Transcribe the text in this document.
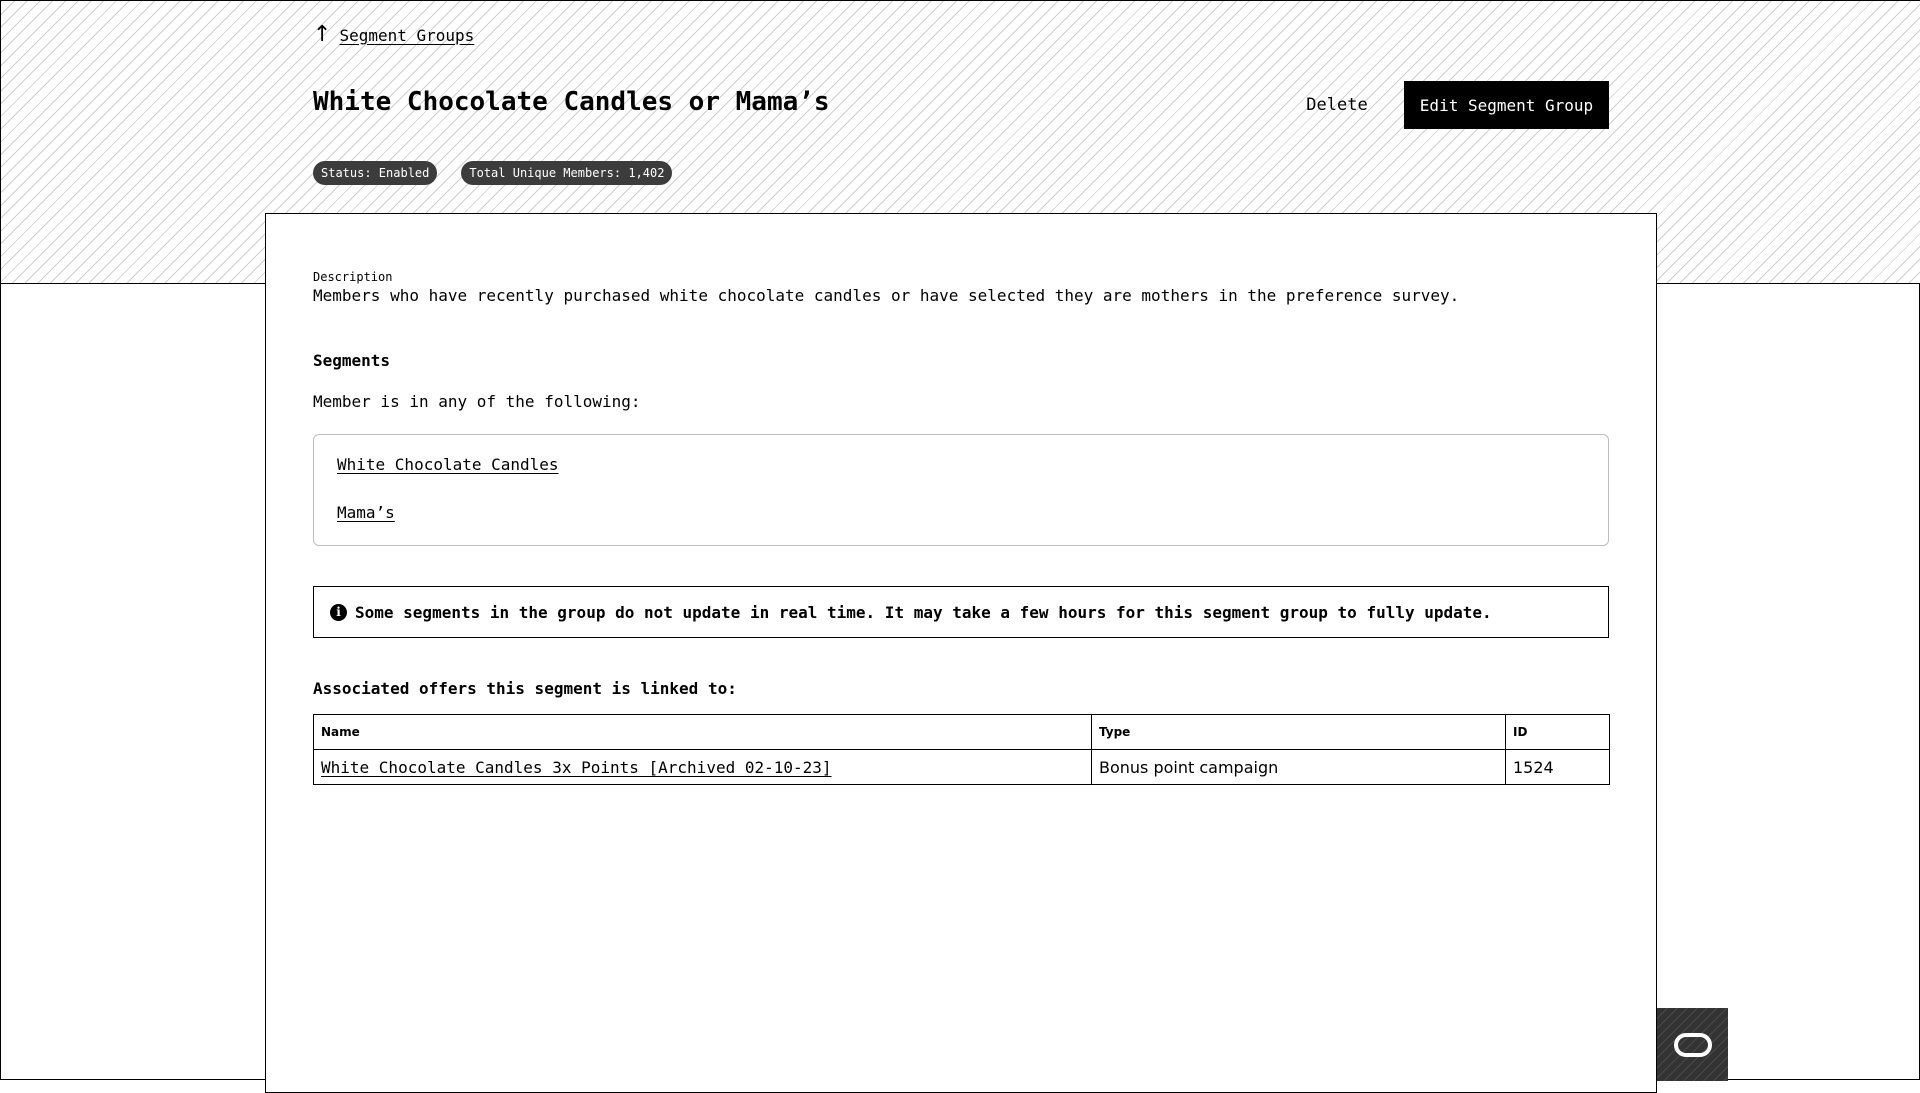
↑ Segment Groups
White Chocolate Candles or Mama’s	Delete	Edit Segment Group
Status: Enabled	Total Unique Members: 1,402
Description
Members who have recently purchased white chocolate candles or have selected they are mothers in the preference survey.
Segments
Member is in any of the following:
White Chocolate Candles
Mama’s
i Some segments in the group do not update in real time. It may take a few hours for this segment group to fully update.
Associated offers this segment is linked to:
Name	Type	ID
White Chocolate Candles 3x Points [Archived 02-10-23]	Bonus point campaign	1524
